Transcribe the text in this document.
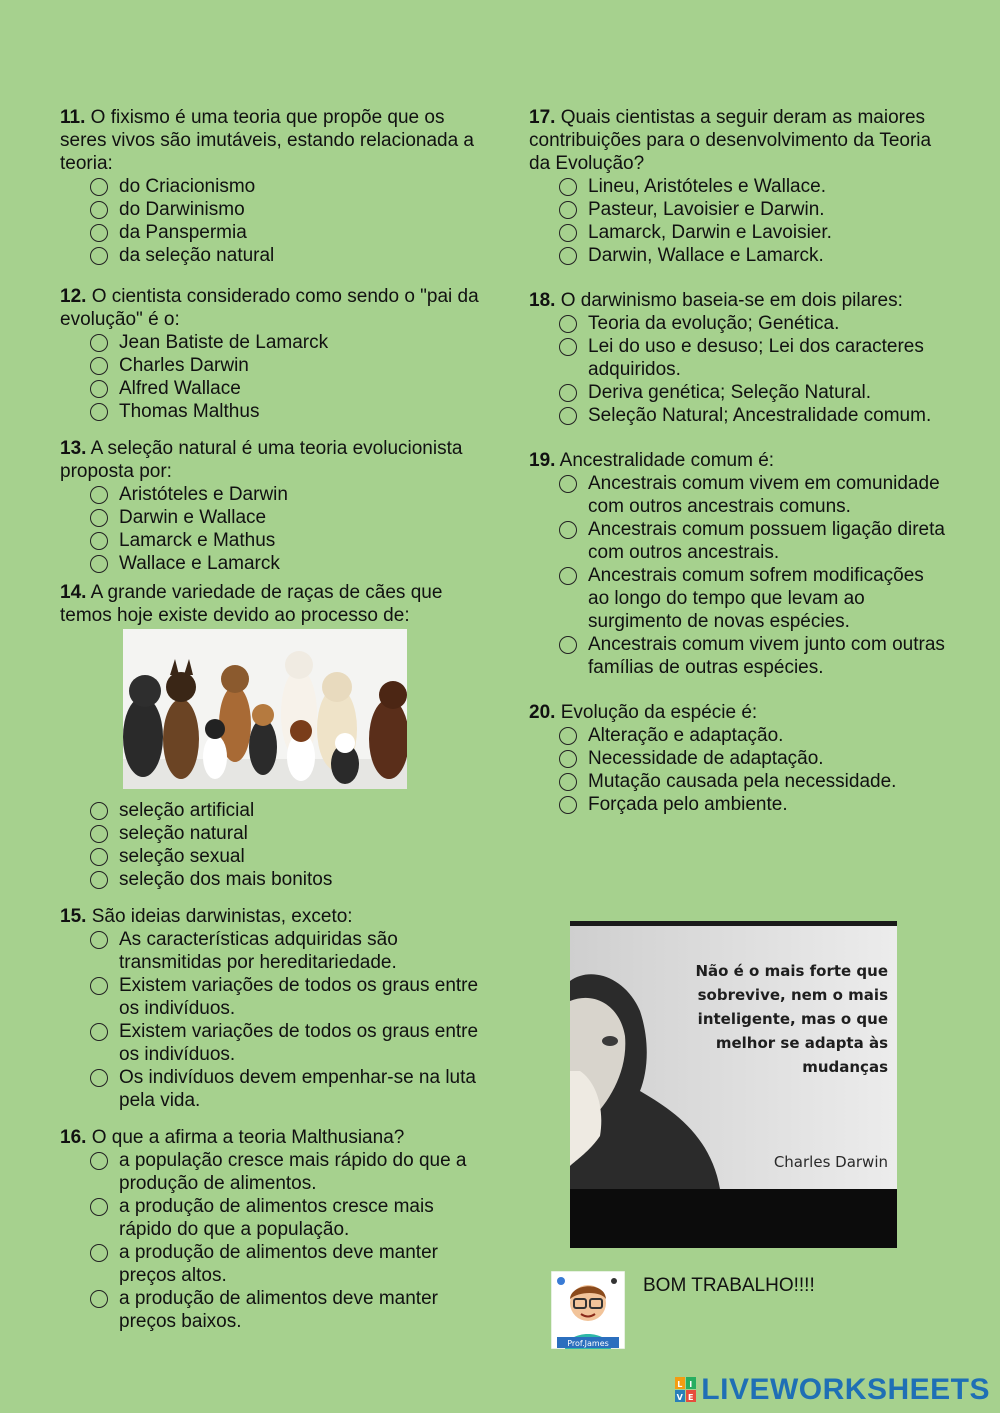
11. O fixismo é uma teoria que propõe que os seres vivos são imutáveis, estando relacionada a teoria:
do Criacionismo
do Darwinismo
da Panspermia
da seleção natural
12. O cientista considerado como sendo o "pai da evolução" é o:
Jean Batiste de Lamarck
Charles Darwin
Alfred Wallace
Thomas Malthus
13. A seleção natural é uma teoria evolucionista proposta por:
Aristóteles e Darwin
Darwin e Wallace
Lamarck e Mathus
Wallace e Lamarck
14. A grande variedade de raças de cães que temos hoje existe devido ao processo de:
seleção artificial
seleção natural
seleção sexual
seleção dos mais bonitos
15. São ideias darwinistas, exceto:
As características adquiridas são transmitidas por hereditariedade.
Existem variações de todos os graus entre os indivíduos.
Existem variações de todos os graus entre os indivíduos.
Os indivíduos devem empenhar-se na luta pela vida.
16. O que a afirma a teoria Malthusiana?
a população cresce mais rápido do que a produção de alimentos.
a produção de alimentos cresce mais rápido do que a população.
a produção de alimentos deve manter preços altos.
a produção de alimentos deve manter preços baixos.
17. Quais cientistas a seguir deram as maiores contribuições para o desenvolvimento da Teoria da Evolução?
Lineu, Aristóteles e Wallace.
Pasteur, Lavoisier e Darwin.
Lamarck, Darwin e Lavoisier.
Darwin, Wallace e Lamarck.
18. O darwinismo baseia-se em dois pilares:
Teoria da evolução; Genética.
Lei do uso e desuso; Lei dos caracteres adquiridos.
Deriva genética; Seleção Natural.
Seleção Natural; Ancestralidade comum.
19. Ancestralidade comum é:
Ancestrais comum vivem em comunidade com outros ancestrais comuns.
Ancestrais comum possuem ligação direta com outros ancestrais.
Ancestrais comum sofrem modificações ao longo do tempo que levam ao surgimento de novas espécies.
Ancestrais comum vivem junto com outras famílias de outras espécies.
20. Evolução da espécie é:
Alteração e adaptação.
Necessidade de adaptação.
Mutação causada pela necessidade.
Forçada pelo ambiente.
Não é o mais forte que
sobrevive, nem o mais
inteligente, mas o que
melhor se adapta às
mudanças
Charles Darwin
Prof.James
BOM TRABALHO!!!!
L I
V E LIVEWORKSHEETS
